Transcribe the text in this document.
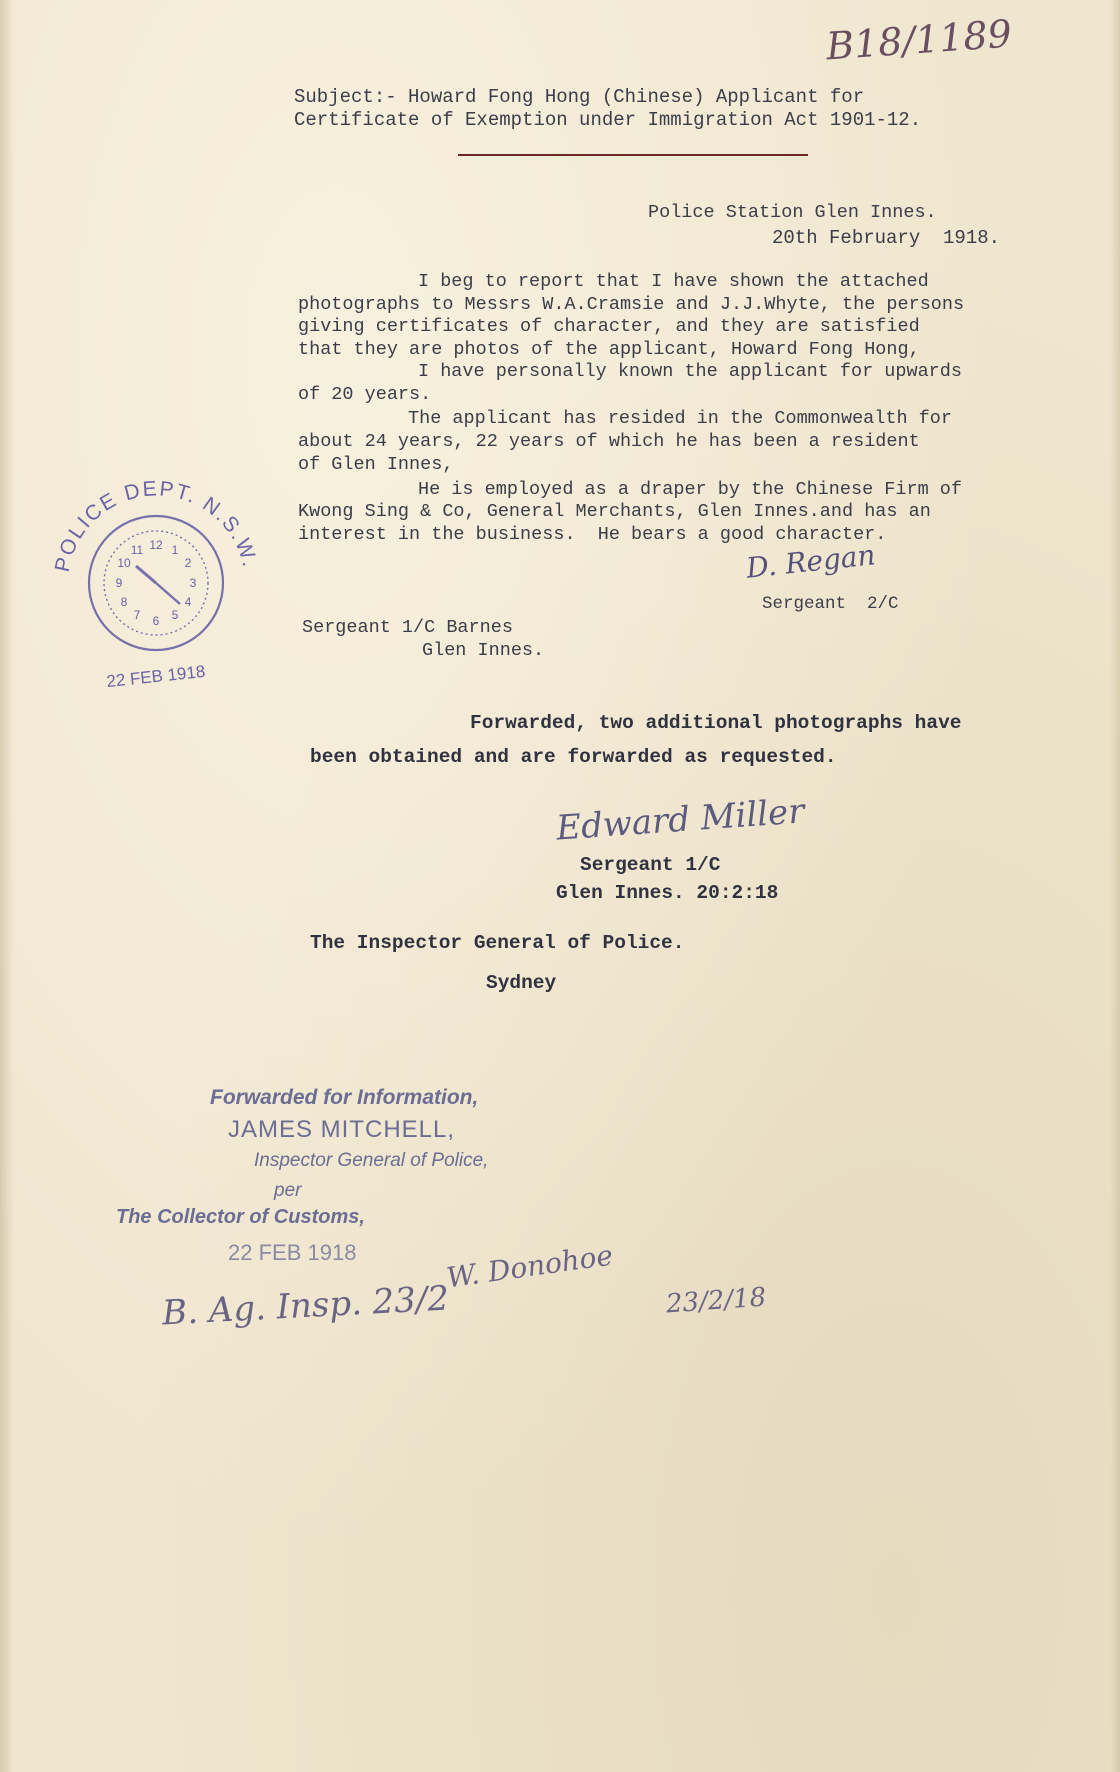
B18/1189
Subject:- Howard Fong Hong (Chinese) Applicant for
Certificate of Exemption under Immigration Act 1901-12.
Police Station Glen Innes.
20th February  1918.
I beg to report that I have shown the attached
photographs to Messrs W.A.Cramsie and J.J.Whyte, the persons
giving certificates of character, and they are satisfied
that they are photos of the applicant, Howard Fong Hong,
I have personally known the applicant for upwards
of 20 years.
The applicant has resided in the Commonwealth for
about 24 years, 22 years of which he has been a resident
of Glen Innes,
He is employed as a draper by the Chinese Firm of
Kwong Sing & Co, General Merchants, Glen Innes.and has an
interest in the business.  He bears a good character.
D. Regan
Sergeant  2/C
Sergeant 1/C Barnes
Glen Innes.
POLICE DEPT. N.S.W.
12 1
2
3
4
5
6
7
8
9
10
11
22 FEB 1918
Forwarded, two additional photographs have
been obtained and are forwarded as requested.
Edward Miller
Sergeant 1/C
Glen Innes. 20:2:18
The Inspector General of Police.
Sydney
Forwarded for Information,
JAMES MITCHELL,
Inspector General of Police,
per
The Collector of Customs,
22 FEB 1918
B. Ag. Insp. 23/2
W. Donohoe
23/2/18
